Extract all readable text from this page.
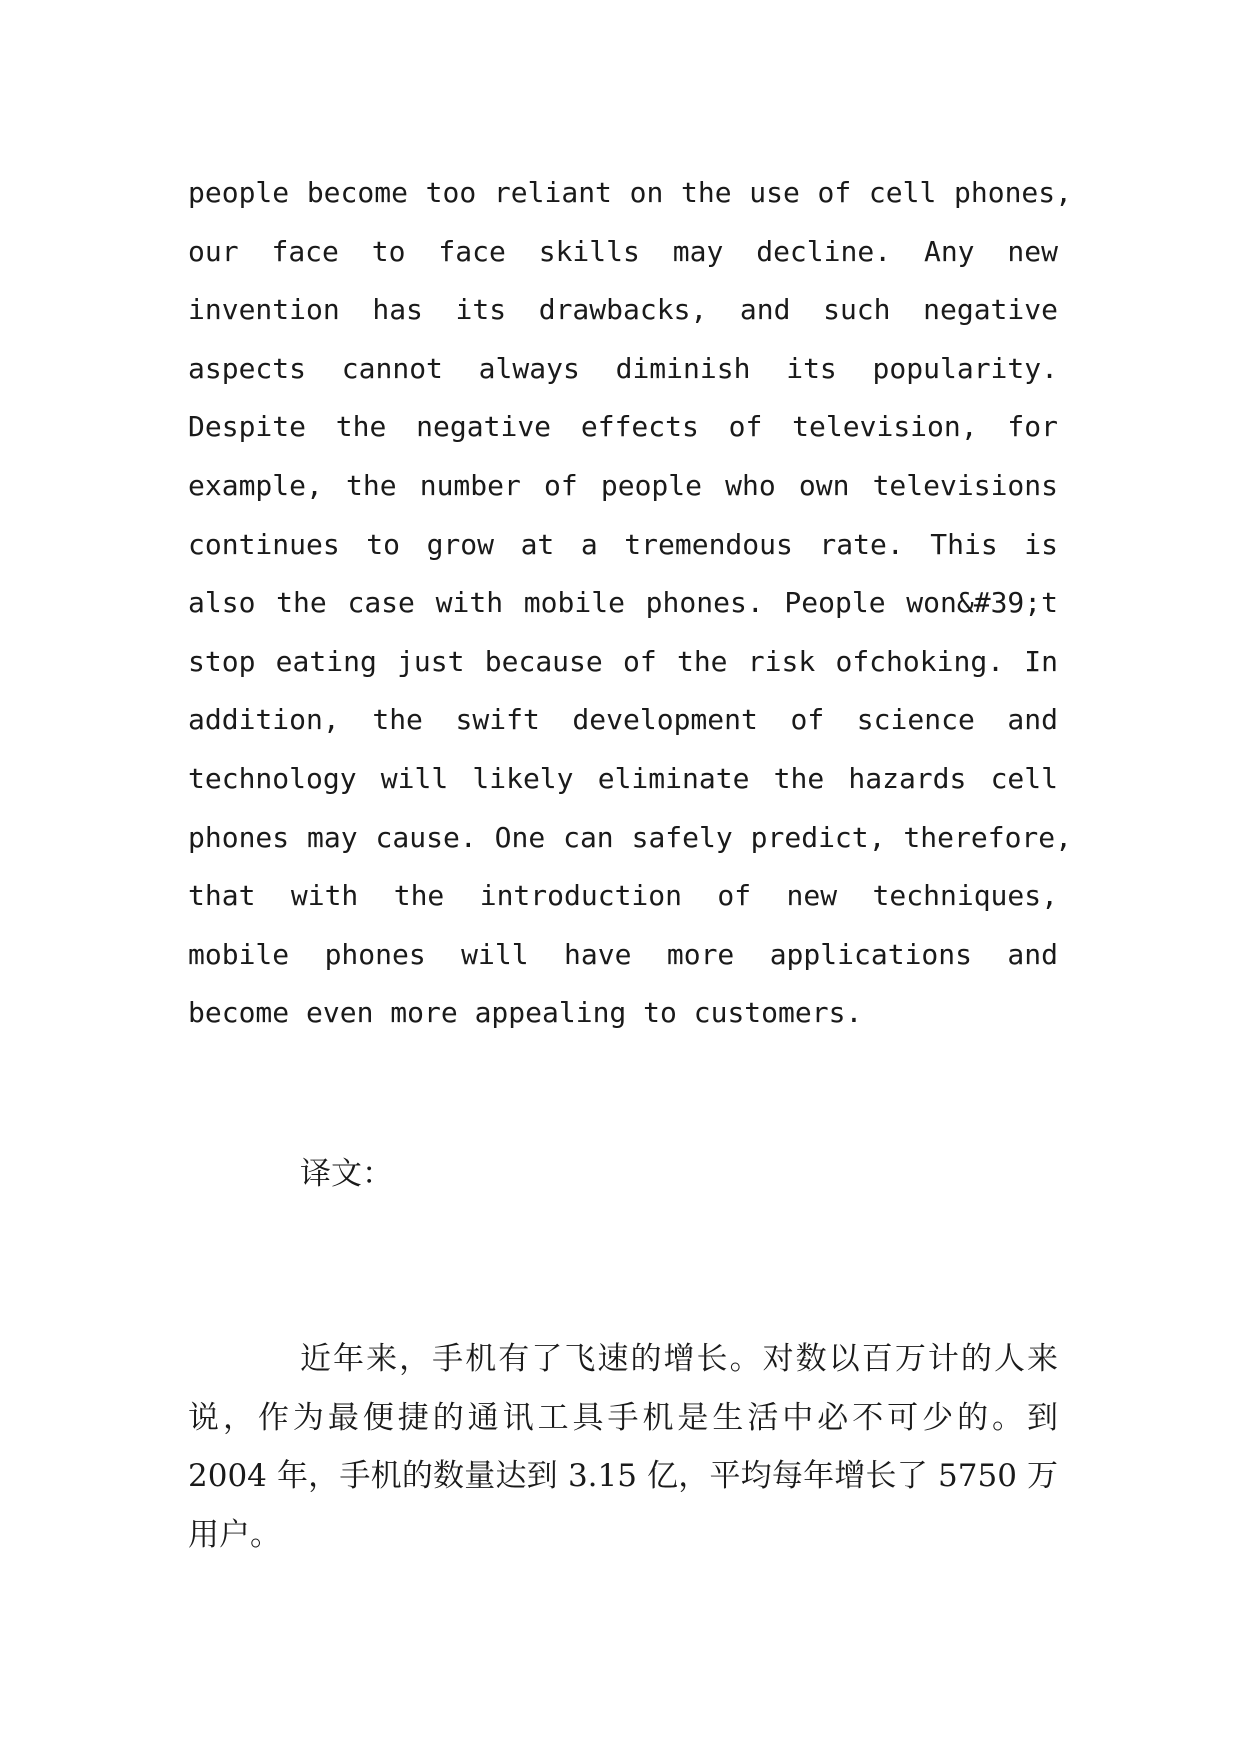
people become too reliant on the use of cell phones,
our face to face skills may decline. Any new
invention has its drawbacks, and such negative
aspects cannot always diminish its popularity.
Despite the negative effects of television, for
example, the number of people who own televisions
continues to grow at a tremendous rate. This is
also the case with mobile phones. People won&#39;t
stop eating just because of the risk ofchoking. In
addition, the swift development of science and
technology will likely eliminate the hazards cell
phones may cause. One can safely predict, therefore,
that with the introduction of new techniques,
mobile phones will have more applications and
become even more appealing to customers.
译文：
近年来，手机有了飞速的增长。对数以百万计的人来
说，作为最便捷的通讯工具手机是生活中必不可少的。到
2004 年，手机的数量达到 3.15 亿，平均每年增长了 5750 万
用户。
